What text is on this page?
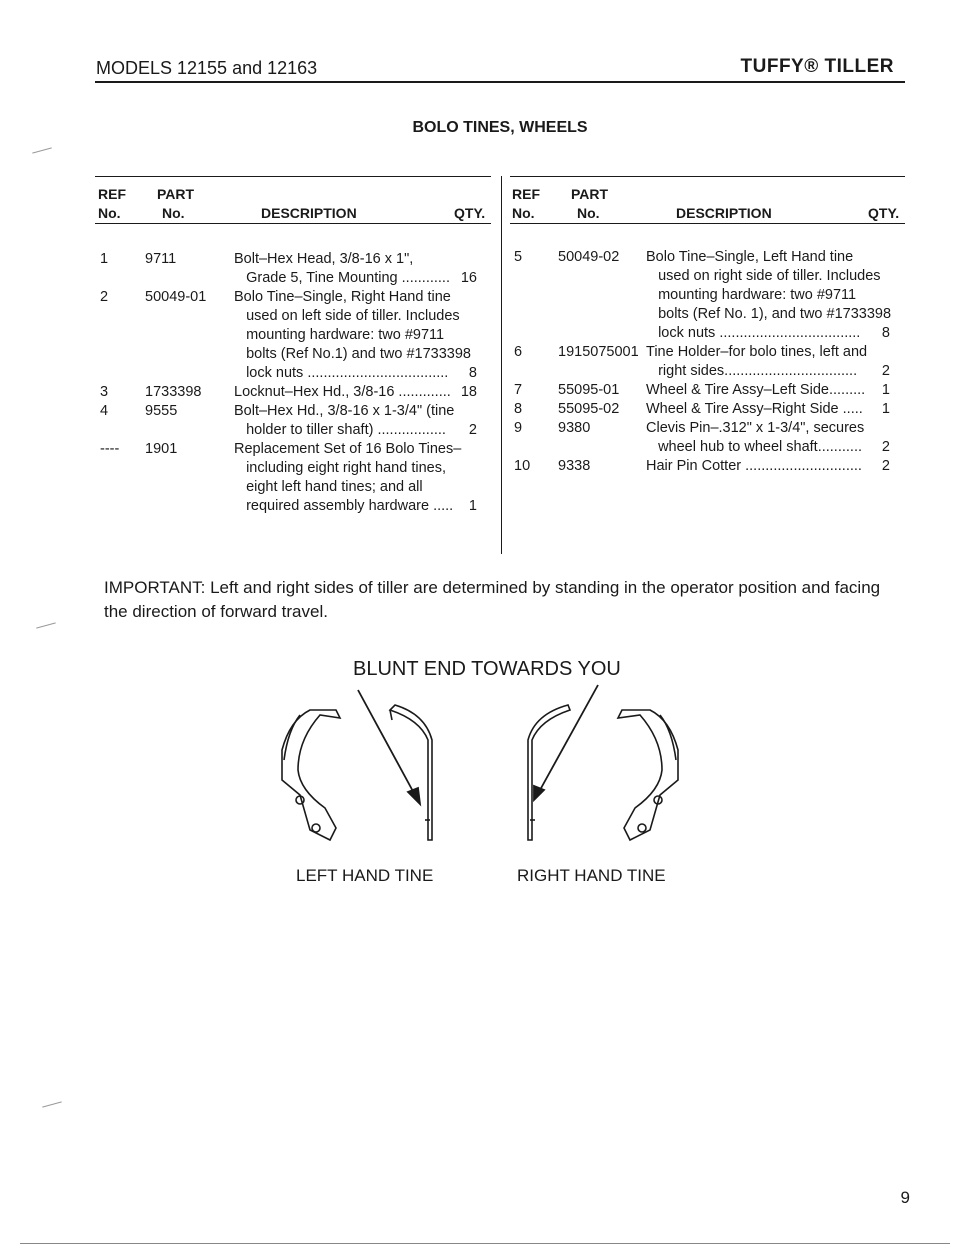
MODELS 12155 and 12163	TUFFY® TILLER
BOLO TINES, WHEELS
REF
No.
PART
No.	DESCRIPTION	QTY.
REF
No.
PART
No.	DESCRIPTION	QTY.
1	9711	Bolt–Hex Head, 3/8-16 x 1",
Grade 5, Tine Mounting ............ 16
2	50049-01 Bolo Tine–Single, Right Hand tine
used on left side of tiller. Includes
mounting hardware: two #9711
bolts (Ref No.1) and two #1733398
lock nuts ...................................	8
3	1733398 Locknut–Hex Hd., 3/8-16 ............. 18
4	9555	Bolt–Hex Hd., 3/8-16 x 1-3/4" (tine
holder to tiller shaft) .................	2
---- 1901	Replacement Set of 16 Bolo Tines–
including eight right hand tines,
eight left hand tines; and all
required assembly hardware .....	1
5 50049-02 Bolo Tine–Single, Left Hand tine
used on right side of tiller. Includes
mounting hardware: two #9711
bolts (Ref No. 1), and two #1733398
lock nuts ...................................	8
6 1915075001 Tine Holder–for bolo tines, left and
right sides.................................	2
7 55095-01 Wheel & Tire Assy–Left Side......... 1
8 55095-02 Wheel & Tire Assy–Right Side ..... 1
9 9380	Clevis Pin–.312" x 1-3/4", secures
wheel hub to wheel shaft........... 2
10 9338	Hair Pin Cotter ............................. 2
IMPORTANT: Left and right sides of tiller are determined by standing in the operator position and facing the direction of forward travel.
BLUNT END TOWARDS YOU
LEFT HAND TINE	RIGHT HAND TINE
9
